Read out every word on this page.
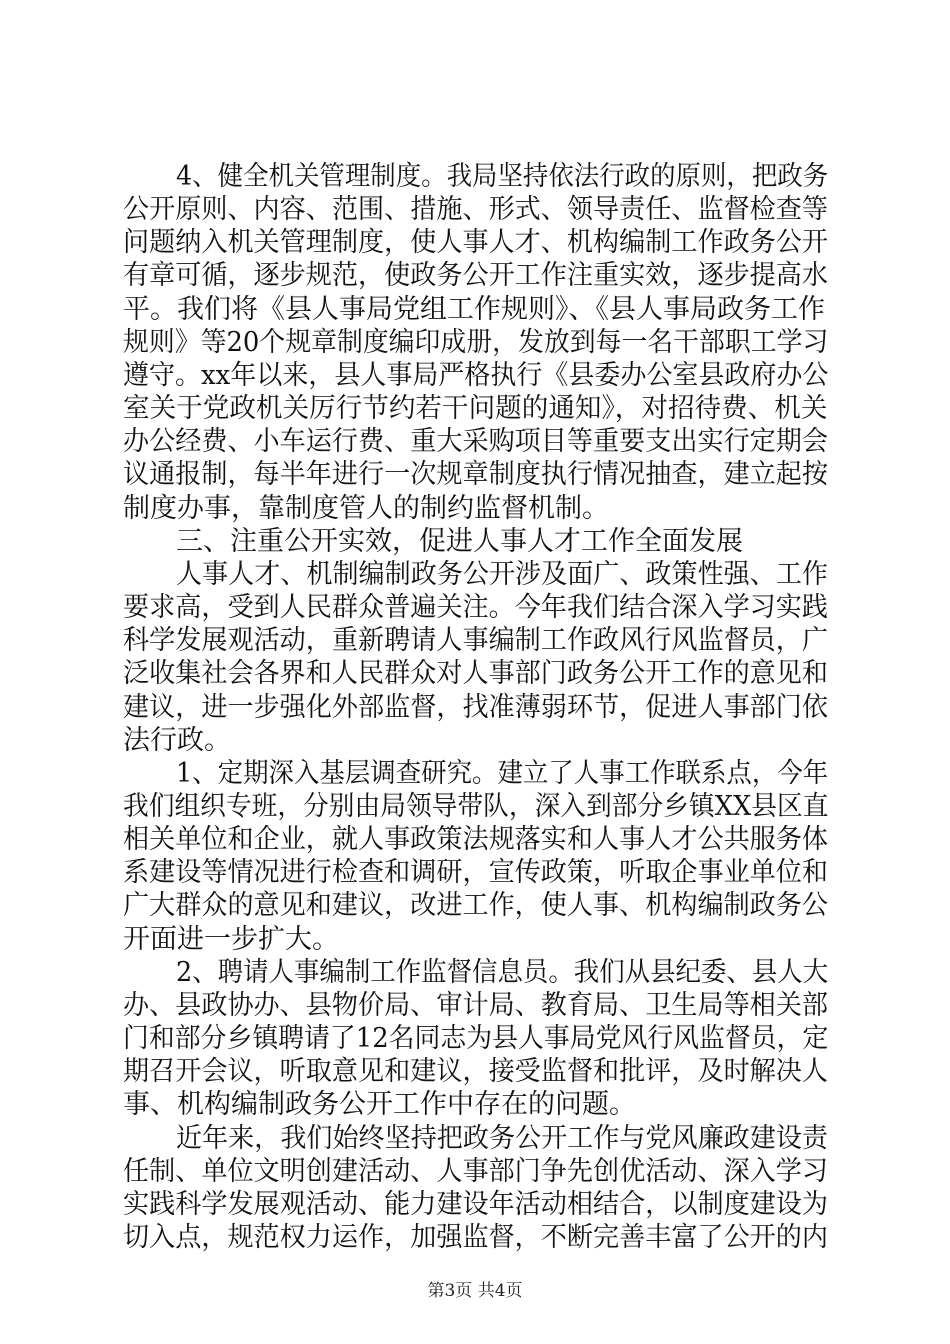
4、健全机关管理制度。我局坚持依法行政的原则，把政务
公开原则、内容、范围、措施、形式、领导责任、监督检查等
问题纳入机关管理制度，使人事人才、机构编制工作政务公开
有章可循，逐步规范，使政务公开工作注重实效，逐步提高水
平。我们将《县人事局党组工作规则》、《县人事局政务工作
规则》等20个规章制度编印成册，发放到每一名干部职工学习
遵守。xx年以来，县人事局严格执行《县委办公室县政府办公
室关于党政机关厉行节约若干问题的通知》，对招待费、机关
办公经费、小车运行费、重大采购项目等重要支出实行定期会
议通报制，每半年进行一次规章制度执行情况抽查，建立起按
制度办事，靠制度管人的制约监督机制。
三、注重公开实效，促进人事人才工作全面发展
人事人才、机制编制政务公开涉及面广、政策性强、工作
要求高，受到人民群众普遍关注。今年我们结合深入学习实践
科学发展观活动，重新聘请人事编制工作政风行风监督员，广
泛收集社会各界和人民群众对人事部门政务公开工作的意见和
建议，进一步强化外部监督，找准薄弱环节，促进人事部门依
法行政。
1、定期深入基层调查研究。建立了人事工作联系点，今年
我们组织专班，分别由局领导带队，深入到部分乡镇XX县区直
相关单位和企业，就人事政策法规落实和人事人才公共服务体
系建设等情况进行检查和调研，宣传政策，听取企事业单位和
广大群众的意见和建议，改进工作，使人事、机构编制政务公
开面进一步扩大。
2、聘请人事编制工作监督信息员。我们从县纪委、县人大
办、县政协办、县物价局、审计局、教育局、卫生局等相关部
门和部分乡镇聘请了12名同志为县人事局党风行风监督员，定
期召开会议，听取意见和建议，接受监督和批评，及时解决人
事、机构编制政务公开工作中存在的问题。
近年来，我们始终坚持把政务公开工作与党风廉政建设责
任制、单位文明创建活动、人事部门争先创优活动、深入学习
实践科学发展观活动、能力建设年活动相结合，以制度建设为
切入点，规范权力运作，加强监督，不断完善丰富了公开的内
第3页 共4页
